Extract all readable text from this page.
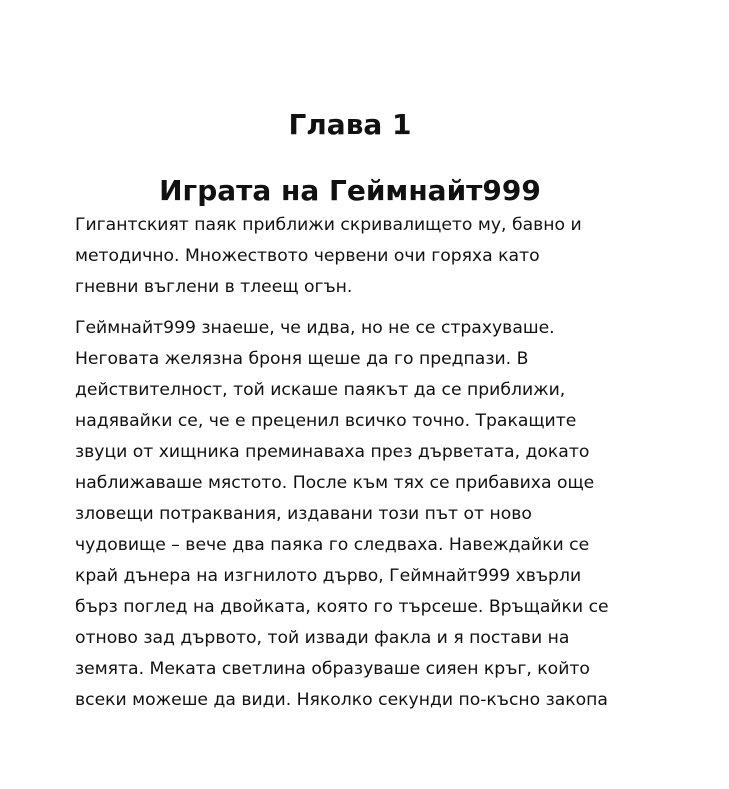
Глава 1
Играта на Геймнайт999

Гигантският паяк приближи скривалището му, бавно и
методично. Множеството червени очи горяха като
гневни въглени в тлеещ огън.

Геймнайт999 знаеше, че идва, но не се страхуваше.
Неговата желязна броня щеше да го предпази. В
действителност, той искаше паякът да се приближи,
надявайки се, че е преценил всичко точно. Тракащите
звуци от хищника преминаваха през дърветата, докато
наближаваше мястото. После към тях се прибавиха още
зловещи потраквания, издавани този път от ново
чудовище – вече два паяка го следваха. Навеждайки се
край дънера на изгнилото дърво, Геймнайт999 хвърли
бърз поглед на двойката, която го търсеше. Връщайки се
отново зад дървото, той извади факла и я постави на
земята. Меката светлина образуваше сияен кръг, който
всеки можеше да види. Няколко секунди по-късно закопа
